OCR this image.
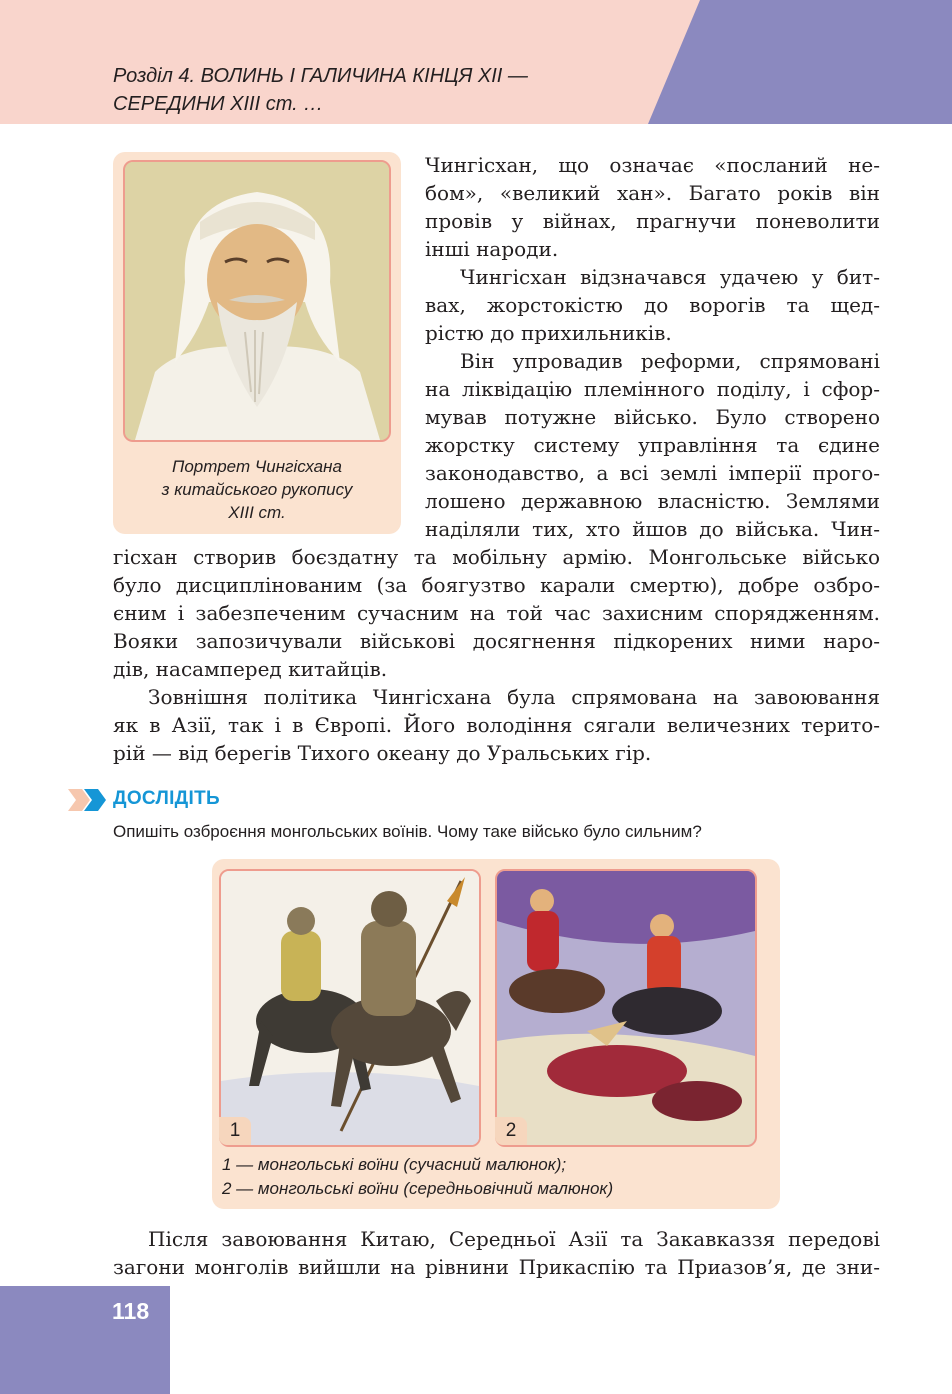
Розділ 4. ВОЛИНЬ І ГАЛИЧИНА КІНЦЯ XII —
СЕРЕДИНИ XIII ст. …
Портрет Чингісхана
з китайського рукопису
XIII ст.
Чингісхан, що означає «посланий не-
бом», «великий хан». Багато років він
провів у війнах, прагнучи поневолити
інші народи.
Чингісхан відзначався удачею у бит-
вах, жорстокістю до ворогів та щед-
рістю до прихильників.
Він упровадив реформи, спрямовані
на ліквідацію племінного поділу, і сфор-
мував потужне військо. Було створено
жорстку систему управління та єдине
законодавство, а всі землі імперії прого-
лошено державною власністю. Землями
наділяли тих, хто йшов до війська. Чин-
гісхан створив боєздатну та мобільну армію. Монгольське військо
було дисциплінованим (за боягузтво карали смертю), добре озбро-
єним і забезпеченим сучасним на той час захисним спорядженням.
Вояки запозичували військові досягнення підкорених ними наро-
дів, насамперед китайців.
Зовнішня політика Чингісхана була спрямована на завоювання
як в Азії, так і в Європі. Його володіння сягали величезних терито-
рій — від берегів Тихого океану до Уральських гір.
ДОСЛІДІТЬ
Опишіть озброєння монгольських воїнів. Чому таке військо було сильним?
1	2
1 — монгольські воїни (сучасний малюнок);
2 — монгольські воїни (середньовічний малюнок)
Після завоювання Китаю, Середньої Азії та Закавказзя передові
загони монголів вийшли на рівнини Прикаспію та Приазов’я, де зни-
118
